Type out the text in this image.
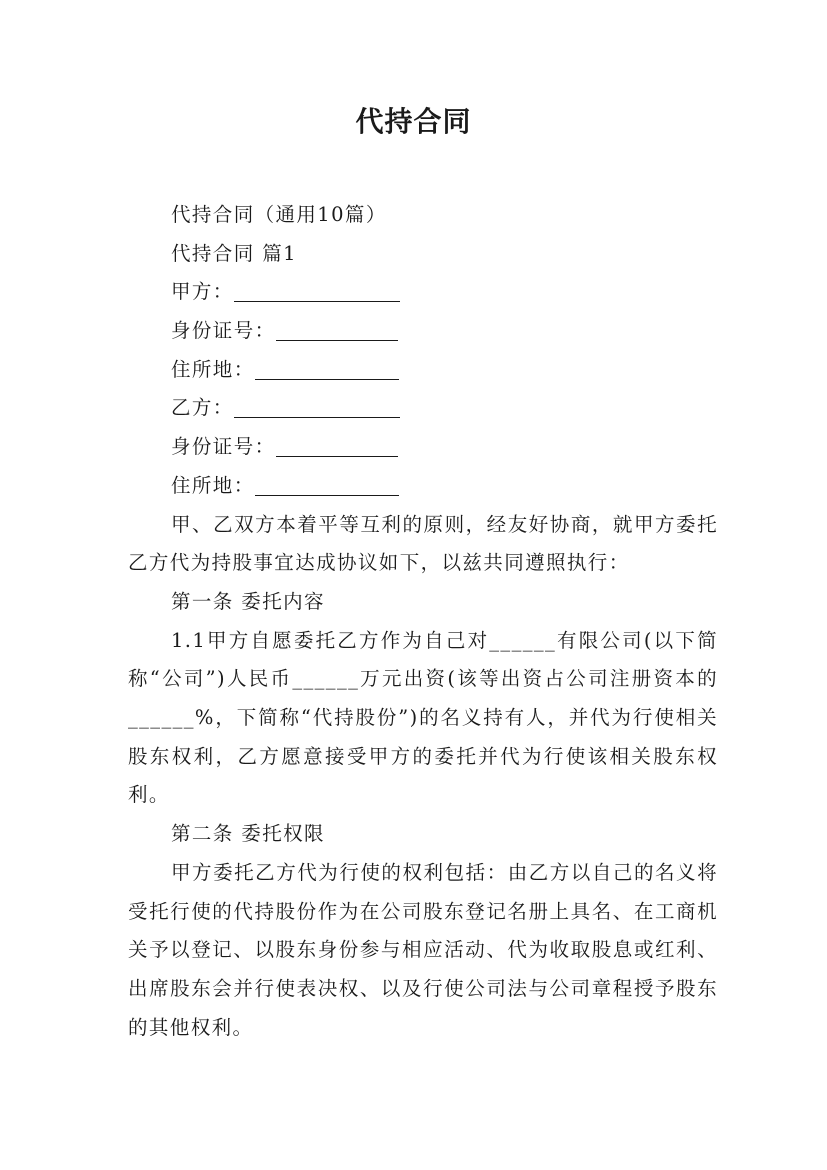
代持合同
代持合同（通用10篇）
代持合同 篇1
甲方：
身份证号：
住所地：
乙方：
身份证号：
住所地：
甲、乙双方本着平等互利的原则，经友好协商，就甲方委托乙方代为持股事宜达成协议如下，以兹共同遵照执行：
第一条 委托内容
1.1甲方自愿委托乙方作为自己对______有限公司(以下简称“公司”)人民币______万元出资(该等出资占公司注册资本的______%，下简称“代持股份”)的名义持有人，并代为行使相关股东权利，乙方愿意接受甲方的委托并代为行使该相关股东权利。
第二条 委托权限
甲方委托乙方代为行使的权利包括：由乙方以自己的名义将受托行使的代持股份作为在公司股东登记名册上具名、在工商机关予以登记、以股东身份参与相应活动、代为收取股息或红利、出席股东会并行使表决权、以及行使公司法与公司章程授予股东的其他权利。
